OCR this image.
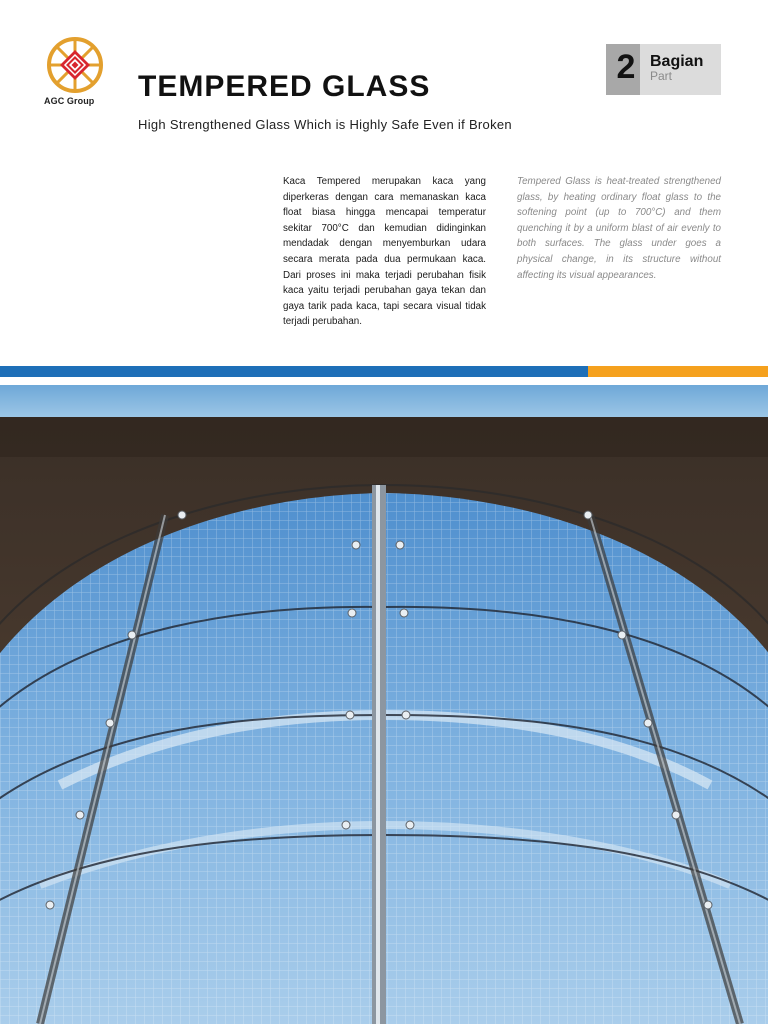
AGC Group	TEMPERED GLASS
High Strengthened Glass Which is Highly Safe Even if Broken
2 Bagian
Part

Kaca Tempered merupakan kaca yang diperkeras dengan cara memanaskan kaca float biasa hingga mencapai temperatur sekitar 700°C dan kemudian didinginkan mendadak dengan menyemburkan udara secara merata pada dua permukaan kaca. Dari proses ini maka terjadi perubahan fisik kaca yaitu terjadi perubahan gaya tekan dan gaya tarik pada kaca, tapi secara visual tidak terjadi perubahan.

Tempered Glass is heat-treated strengthened glass, by heating ordinary float glass to the softening point (up to 700°C) and them quenching it by a uniform blast of air evenly to both surfaces. The glass under goes a physical change, in its structure without affecting its visual appearances.
